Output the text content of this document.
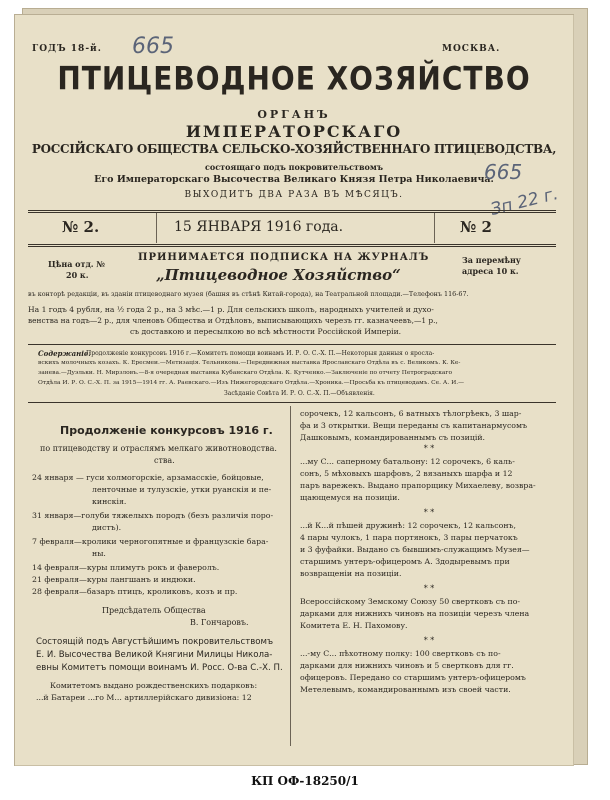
ГОДЪ 18-й. 665	МОСКВА.
ПТИЦЕВОДНОЕ ХОЗЯЙСТВО
ОРГАНЪ
ИМПЕРАТОРСКАГО
РОССІЙСКАГО ОБЩЕСТВА СЕЛЬСКО-ХОЗЯЙСТВЕННАГО ПТИЦЕВОДСТВА,
состоящаго подъ покровительствомъ
Его Императорскаго Высочества Великаго Князя Петра Николаевича.
ВЫХОДИТЪ ДВА РАЗА ВЪ МѢСЯЦЪ.
665
Зп 22 г.
№ 2.	15 ЯНВАРЯ 1916 года.	№ 2
Цѣна отд. №
20 к.
ПРИНИМАЕТСЯ ПОДПИСКА НА ЖУРНАЛЪ
„Птицеводное Хозяйство“
За перемѣну
адреса 10 к.
въ конторѣ редакціи, въ зданіи птицеводнаго музея (башня въ стѣнѣ Китай-города), на Театральной площади.—Телефонъ 116-67.
На 1 годъ 4 рубля, на ½ года 2 р., на 3 мѣс.—1 р. Для сельскихъ школъ, народныхъ учителей и духо-
венства на годъ—2 р., для членовъ Общества и Отдѣловъ, выписывающихъ черезъ гг. казначеевъ,—1 р.,
съ доставкою и пересылкою во всѣ мѣстности Россійской Имперіи.
Содержаніе:
Продолженіе конкурсовъ 1916 г.—Комитетъ помощи воинамъ И. Р. О. С.-Х. П.—Некоторыя данныя о яросла-
вскихъ молочныхъ козахъ. К. Ересмеи.—Метизація. Тельникова.—Передвижная выставка Ярославскаго Отдѣла въ с. Великомъ. К. Ке-
занева.—Дуэльки. Н. Мирзловъ.—8-я очередная выставка Кубанскаго Отдѣла. К. Кутченко.—Заключеніе по отчету Петроградскаго
Отдѣла И. Р. О. С.-Х. П. за 1915—1914 гг. А. Раевскаго.—Изъ Нижегородскаго Отдѣла.—Хроника.—Просьба къ птицеводамъ. Се. А. И.—
Засѣданіе Совѣта И. Р. О. С.-Х. П.—Объявленія.
Продолженіе конкурсовъ 1916 г.
по птицеводству и отраслямъ мелкаго животноводства.
ства.

24 января — гуси холмогорскіе, арзамасскіе, бойцовые,

ленточные и тулузскіе, утки руанскія и пе-

кинскія.

31 января—голуби тяжелыхъ породъ (безъ различія поро-

дистъ).

7 февраля—кролики черногопятные и французскіе бара-

ны.

14 февраля—куры плимутъ рокъ и фаверолъ.

21 февраля—куры лангшанъ и индюки.

28 февраля—базаръ птицъ, кроликовъ, козъ и пр.

Предсѣдатель Общества
В. Гончаровъ.

Состоящій подъ Августѣйшимъ покровительствомъ

Е. И. Высочества Великой Княгини Милицы Никола-

евны Комитетъ помощи воинамъ И. Росс. О-ва С.-Х. П.

Комитетомъ выдано рождественскихъ подарковъ:

...й Батареи ...го М... артиллерійскаго дивизіона: 12

сорочекъ, 12 кальсонъ, 6 ватныхъ тѣлогрѣекъ, 3 шар-

фа и 3 открытки. Вещи переданы съ капитанармусомъ

Дашковымъ, командированнымъ съ позицій.

* *

...му С... саперному батальону: 12 сорочекъ, 6 каль-

сонъ, 5 мѣховыхъ шарфовъ, 2 вязаныхъ шарфа и 12

паръ варежекъ. Выдано прапорщику Михаелеву, возвра-

щающемуся на позиціи.

* *

...й К...й пѣшей дружинѣ: 12 сорочекъ, 12 кальсонъ,

4 пары чулокъ, 1 пара портянокъ, 3 пары перчатокъ

и 3 фуфайки. Выдано съ бывшимъ-служащимъ Музея—

старшимъ унтеръ-офицеромъ А. Здодыревымъ при

возвращеніи на позиціи.

* *

Всероссійскому Земскому Союзу 50 свертковъ съ по-

дарками для нижнихъ чиновъ на позиціи черезъ члена

Комитета Е. Н. Пахомову.

* *

...-му С... пѣхотному полку: 100 свертковъ съ по-

дарками для нижнихъ чиновъ и 5 свертковъ для гг.

офицеровъ. Передано со старшимъ унтеръ-офицеромъ

Метелевымъ, командированнымъ изъ своей части.

КП ОФ-18250/1
